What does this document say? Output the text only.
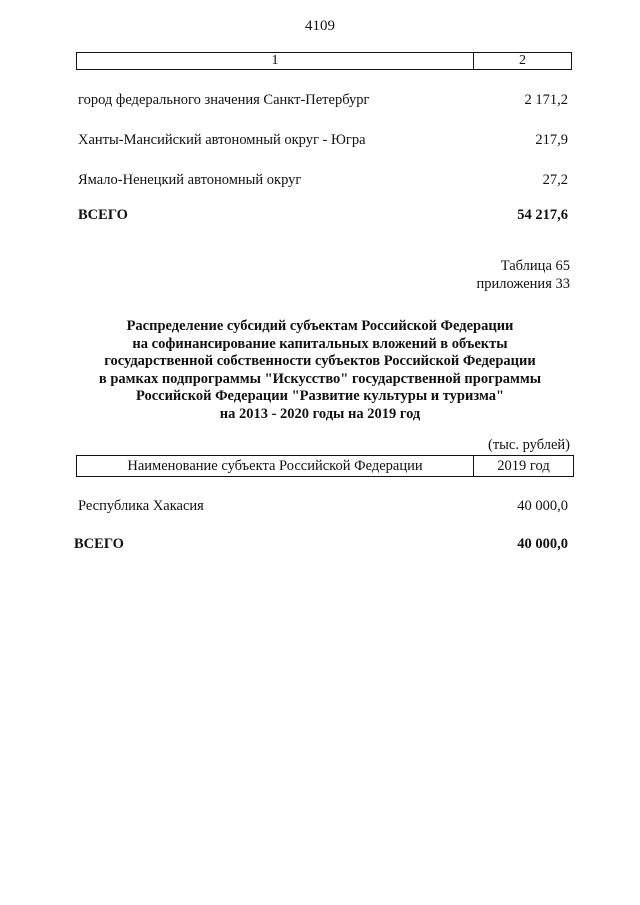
4109
1	2
город федерального значения Санкт-Петербург	2 171,2
Ханты-Мансийский автономный округ - Югра	217,9
Ямало-Ненецкий автономный округ	27,2
ВСЕГО	54 217,6
Таблица 65
приложения 33
Распределение субсидий субъектам Российской Федерации
на софинансирование капитальных вложений в объекты
государственной собственности субъектов Российской Федерации
в рамках подпрограммы "Искусство" государственной программы
Российской Федерации "Развитие культуры и туризма"
на 2013 - 2020 годы на 2019 год
(тыс. рублей)
Наименование субъекта Российской Федерации	2019 год
Республика Хакасия	40 000,0
ВСЕГО	40 000,0
